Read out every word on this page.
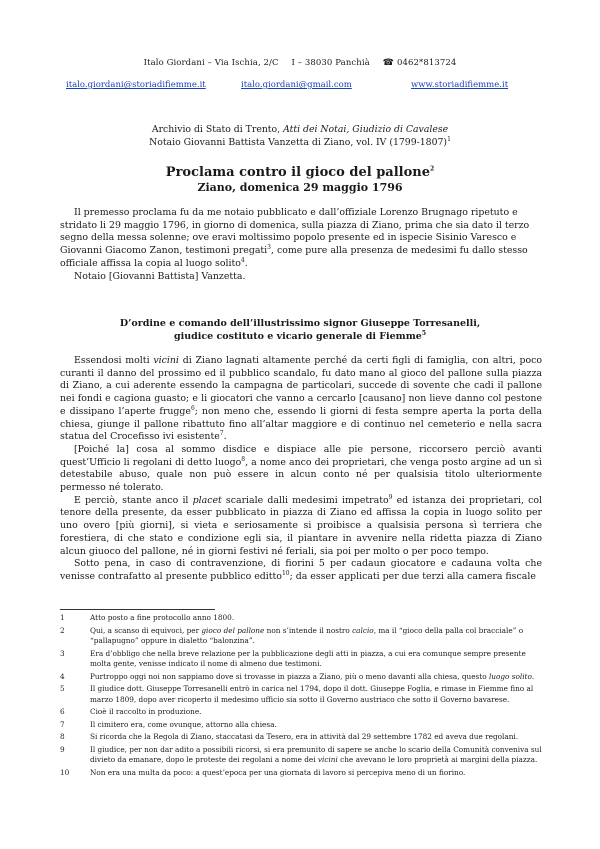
Italo Giordani – Via Ischia, 2/C I – 38030 Panchià ☎ 0462*813724
italo.giordani@storiadifiemme.it	italo.giordani@gmail.com	www.storiadifiemme.it
Archivio di Stato di Trento, Atti dei Notai, Giudizio di Cavalese
Notaio Giovanni Battista Vanzetta di Ziano, vol. IV (1799-1807)$^1$
Proclama contro il gioco del pallone$^2$
Ziano, domenica 29 maggio 1796

Il premesso proclama fu da me notaio pubblicato e dall’offiziale Lorenzo Brugnago ripetuto e stridato li 29 maggio 1796, in giorno di domenica, sulla piazza di Ziano, prima che sia dato il terzo segno della messa solenne; ove eravi moltissimo popolo presente ed in ispecie Sisinio Varesco e Giovanni Giacomo Zanon, testimoni pregati$^3$, come pure alla presenza de medesimi fu dallo stesso officiale affissa la copia al luogo solito$^4$.

Notaio [Giovanni Battista] Vanzetta.

D’ordine e comando dell’illustrissimo signor Giuseppe Torresanelli,
giudice costituto e vicario generale di Fiemme$^5$

Essendosi molti vicini di Ziano lagnati altamente perché da certi figli di famiglia, con altri, poco curanti il danno del prossimo ed il pubblico scandalo, fu dato mano al gioco del pallone sulla piazza di Ziano, a cui aderente essendo la campagna de particolari, succede di sovente che cadi il pallone nei fondi e cagiona guasto; e li giocatori che vanno a cercarlo [causano] non lieve danno col pestone e dissipano l’aperte frugge$^6$; non meno che, essendo li giorni di festa sempre aperta la porta della chiesa, giunge il pallone ribattuto fino all’altar maggiore e di continuo nel cemeterio e nella sacra statua del Crocefisso ivi esistente$^7$.

[Poiché la] cosa al sommo disdice e dispiace alle pie persone, riccorsero perciò avanti quest’Ufficio li regolani di detto luogo$^8$, a nome anco dei proprietari, che venga posto argine ad un sì detestabile abuso, quale non può essere in alcun conto né per qualsisia titolo ulteriormente permesso né tolerato.

E perciò, stante anco il placet scariale dalli medesimi impetrato$^9$ ed istanza dei proprietari, col tenore della presente, da esser pubblicato in piazza di Ziano ed affissa la copia in luogo solito per uno overo [più giorni], si vieta e seriosamente si proibisce a qualsisia persona sì terriera che forestiera, di che stato e condizione egli sia, il piantare in avvenire nella ridetta piazza di Ziano alcun giuoco del pallone, né in giorni festivi né feriali, sia poi per molto o per poco tempo.

Sotto pena, in caso di contravenzione, di fiorini 5 per cadaun giocatore e cadauna volta che venisse contrafatto al presente pubblico editto$^{10}$; da esser applicati per due terzi alla camera fiscale

1	Atto posto a fine protocollo anno 1800.
2	Qui, a scanso di equivoci, per gioco del pallone non s’intende il nostro calcio, ma il “gioco della palla col bracciale” o “pallapugno” oppure in dialetto “balonzina”.
3	Era d’obbligo che nella breve relazione per la pubblicazione degli atti in piazza, a cui era comunque sempre presente molta gente, venisse indicato il nome di almeno due testimoni.
4	Purtroppo oggi noi non sappiamo dove si trovasse in piazza a Ziano, più o meno davanti alla chiesa, questo luogo solito.
5	Il giudice dott. Giuseppe Torresanelli entrò in carica nel 1794, dopo il dott. Giuseppe Foglia, e rimase in Fiemme fino al marzo 1809, dopo aver ricoperto il medesimo ufficio sia sotto il Governo austriaco che sotto il Governo bavarese.
6	Cioè il raccolto in produzione.
7	Il cimitero era, come ovunque, attorno alla chiesa.
8	Si ricorda che la Regola di Ziano, staccatasi da Tesero, era in attività dal 29 settembre 1782 ed aveva due regolani.
9	Il giudice, per non dar adito a possibili ricorsi, si era premunito di sapere se anche lo scario della Comunità conveniva sul divieto da emanare, dopo le proteste dei regolani a nome dei vicini che avevano le loro proprietà ai margini della piazza.
10	Non era una multa da poco: a quest’epoca per una giornata di lavoro si percepiva meno di un fiorino.
